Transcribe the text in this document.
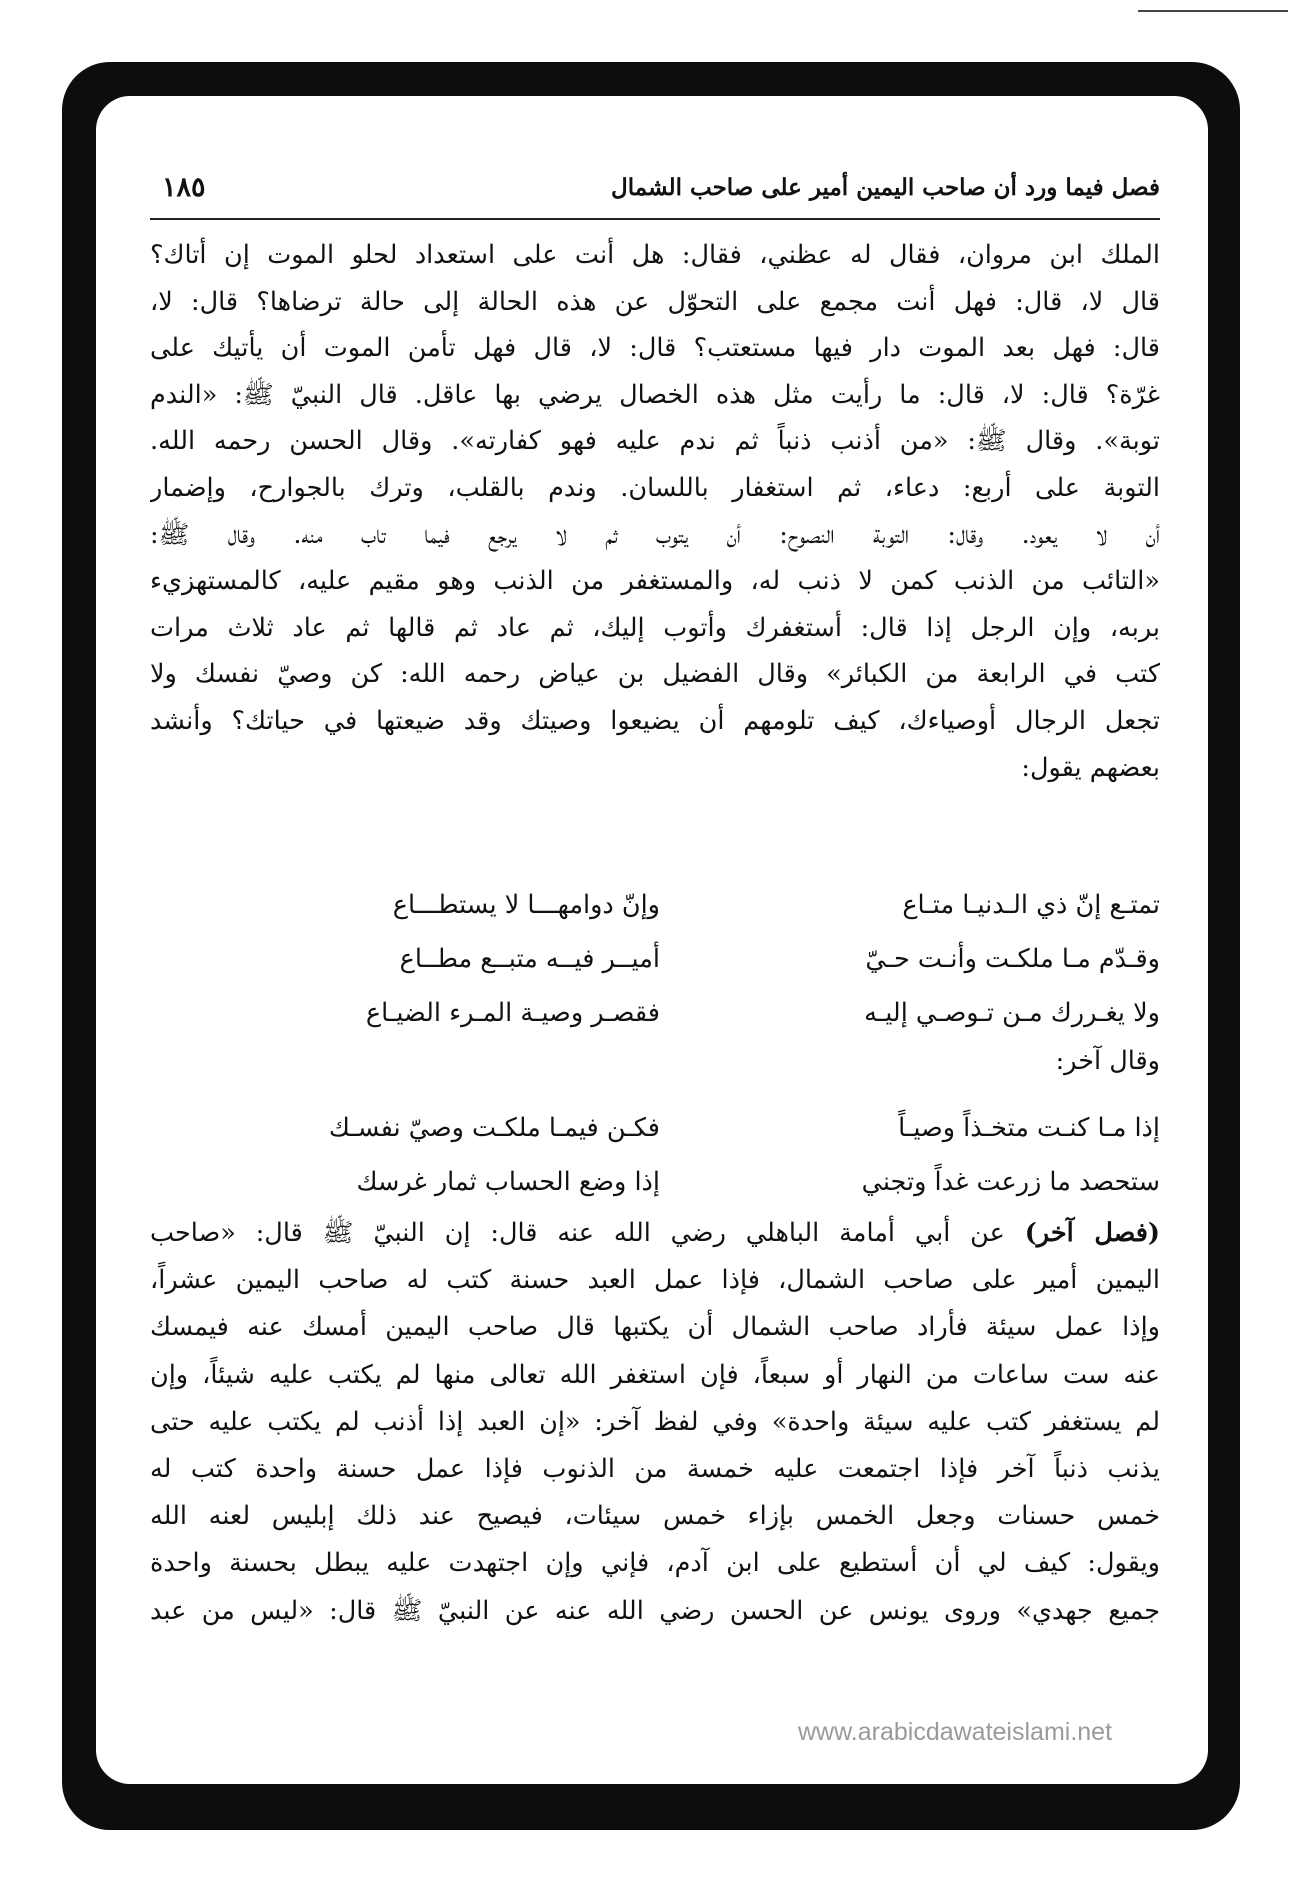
فصل فيما ورد أن صاحب اليمين أمير على صاحب الشمال
١٨٥
الملك ابن مروان، فقال له عظني، فقال: هل أنت على استعداد لحلو الموت إن أتاك؟
قال لا، قال: فهل أنت مجمع على التحوّل عن هذه الحالة إلى حالة ترضاها؟ قال: لا،
قال: فهل بعد الموت دار فيها مستعتب؟ قال: لا، قال فهل تأمن الموت أن يأتيك على
غرّة؟ قال: لا، قال: ما رأيت مثل هذه الخصال يرضي بها عاقل. قال النبيّ ﷺ: «الندم
توبة». وقال ﷺ: «من أذنب ذنباً ثم ندم عليه فهو كفارته». وقال الحسن رحمه الله.
التوبة على أربع: دعاء، ثم استغفار باللسان. وندم بالقلب، وترك بالجوارح، وإضمار
أن لا يعود. وقال: التوبة النصوح: أن يتوب ثم لا يرجع فيما تاب منه. وقال ﷺ:
«التائب من الذنب كمن لا ذنب له، والمستغفر من الذنب وهو مقيم عليه، كالمستهزيء
بربه، وإن الرجل إذا قال: أستغفرك وأتوب إليك، ثم عاد ثم قالها ثم عاد ثلاث مرات
كتب في الرابعة من الكبائر» وقال الفضيل بن عياض رحمه الله: كن وصيّ نفسك ولا
تجعل الرجال أوصياءك، كيف تلومهم أن يضيعوا وصيتك وقد ضيعتها في حياتك؟ وأنشد
بعضهم يقول:
تمتـع إنّ ذي الـدنيـا متـاع
وإنّ دوامهـــا لا يستطـــاع
وقـدّم مـا ملكـت وأنـت حـيّ
أميــر فيــه متبــع مطــاع
ولا يغـررك مـن تـوصـي إليـه
فقصـر وصيـة المـرء الضيـاع
وقال آخر:
إذا مـا كنـت متخـذاً وصيـاً
فكـن فيمـا ملكـت وصيّ نفسـك
ستحصد ما زرعت غداً وتجني
إذا وضع الحساب ثمار غرسك
(فصل آخر) عن أبي أمامة الباهلي رضي الله عنه قال: إن النبيّ ﷺ قال: «صاحب
اليمين أمير على صاحب الشمال، فإذا عمل العبد حسنة كتب له صاحب اليمين عشراً،
وإذا عمل سيئة فأراد صاحب الشمال أن يكتبها قال صاحب اليمين أمسك عنه فيمسك
عنه ست ساعات من النهار أو سبعاً، فإن استغفر الله تعالى منها لم يكتب عليه شيئاً، وإن
لم يستغفر كتب عليه سيئة واحدة» وفي لفظ آخر: «إن العبد إذا أذنب لم يكتب عليه حتى
يذنب ذنباً آخر فإذا اجتمعت عليه خمسة من الذنوب فإذا عمل حسنة واحدة كتب له
خمس حسنات وجعل الخمس بإزاء خمس سيئات، فيصيح عند ذلك إبليس لعنه الله
ويقول: كيف لي أن أستطيع على ابن آدم، فإني وإن اجتهدت عليه يبطل بحسنة واحدة
جميع جهدي» وروى يونس عن الحسن رضي الله عنه عن النبيّ ﷺ قال: «ليس من عبد
www.arabicdawateislami.net
